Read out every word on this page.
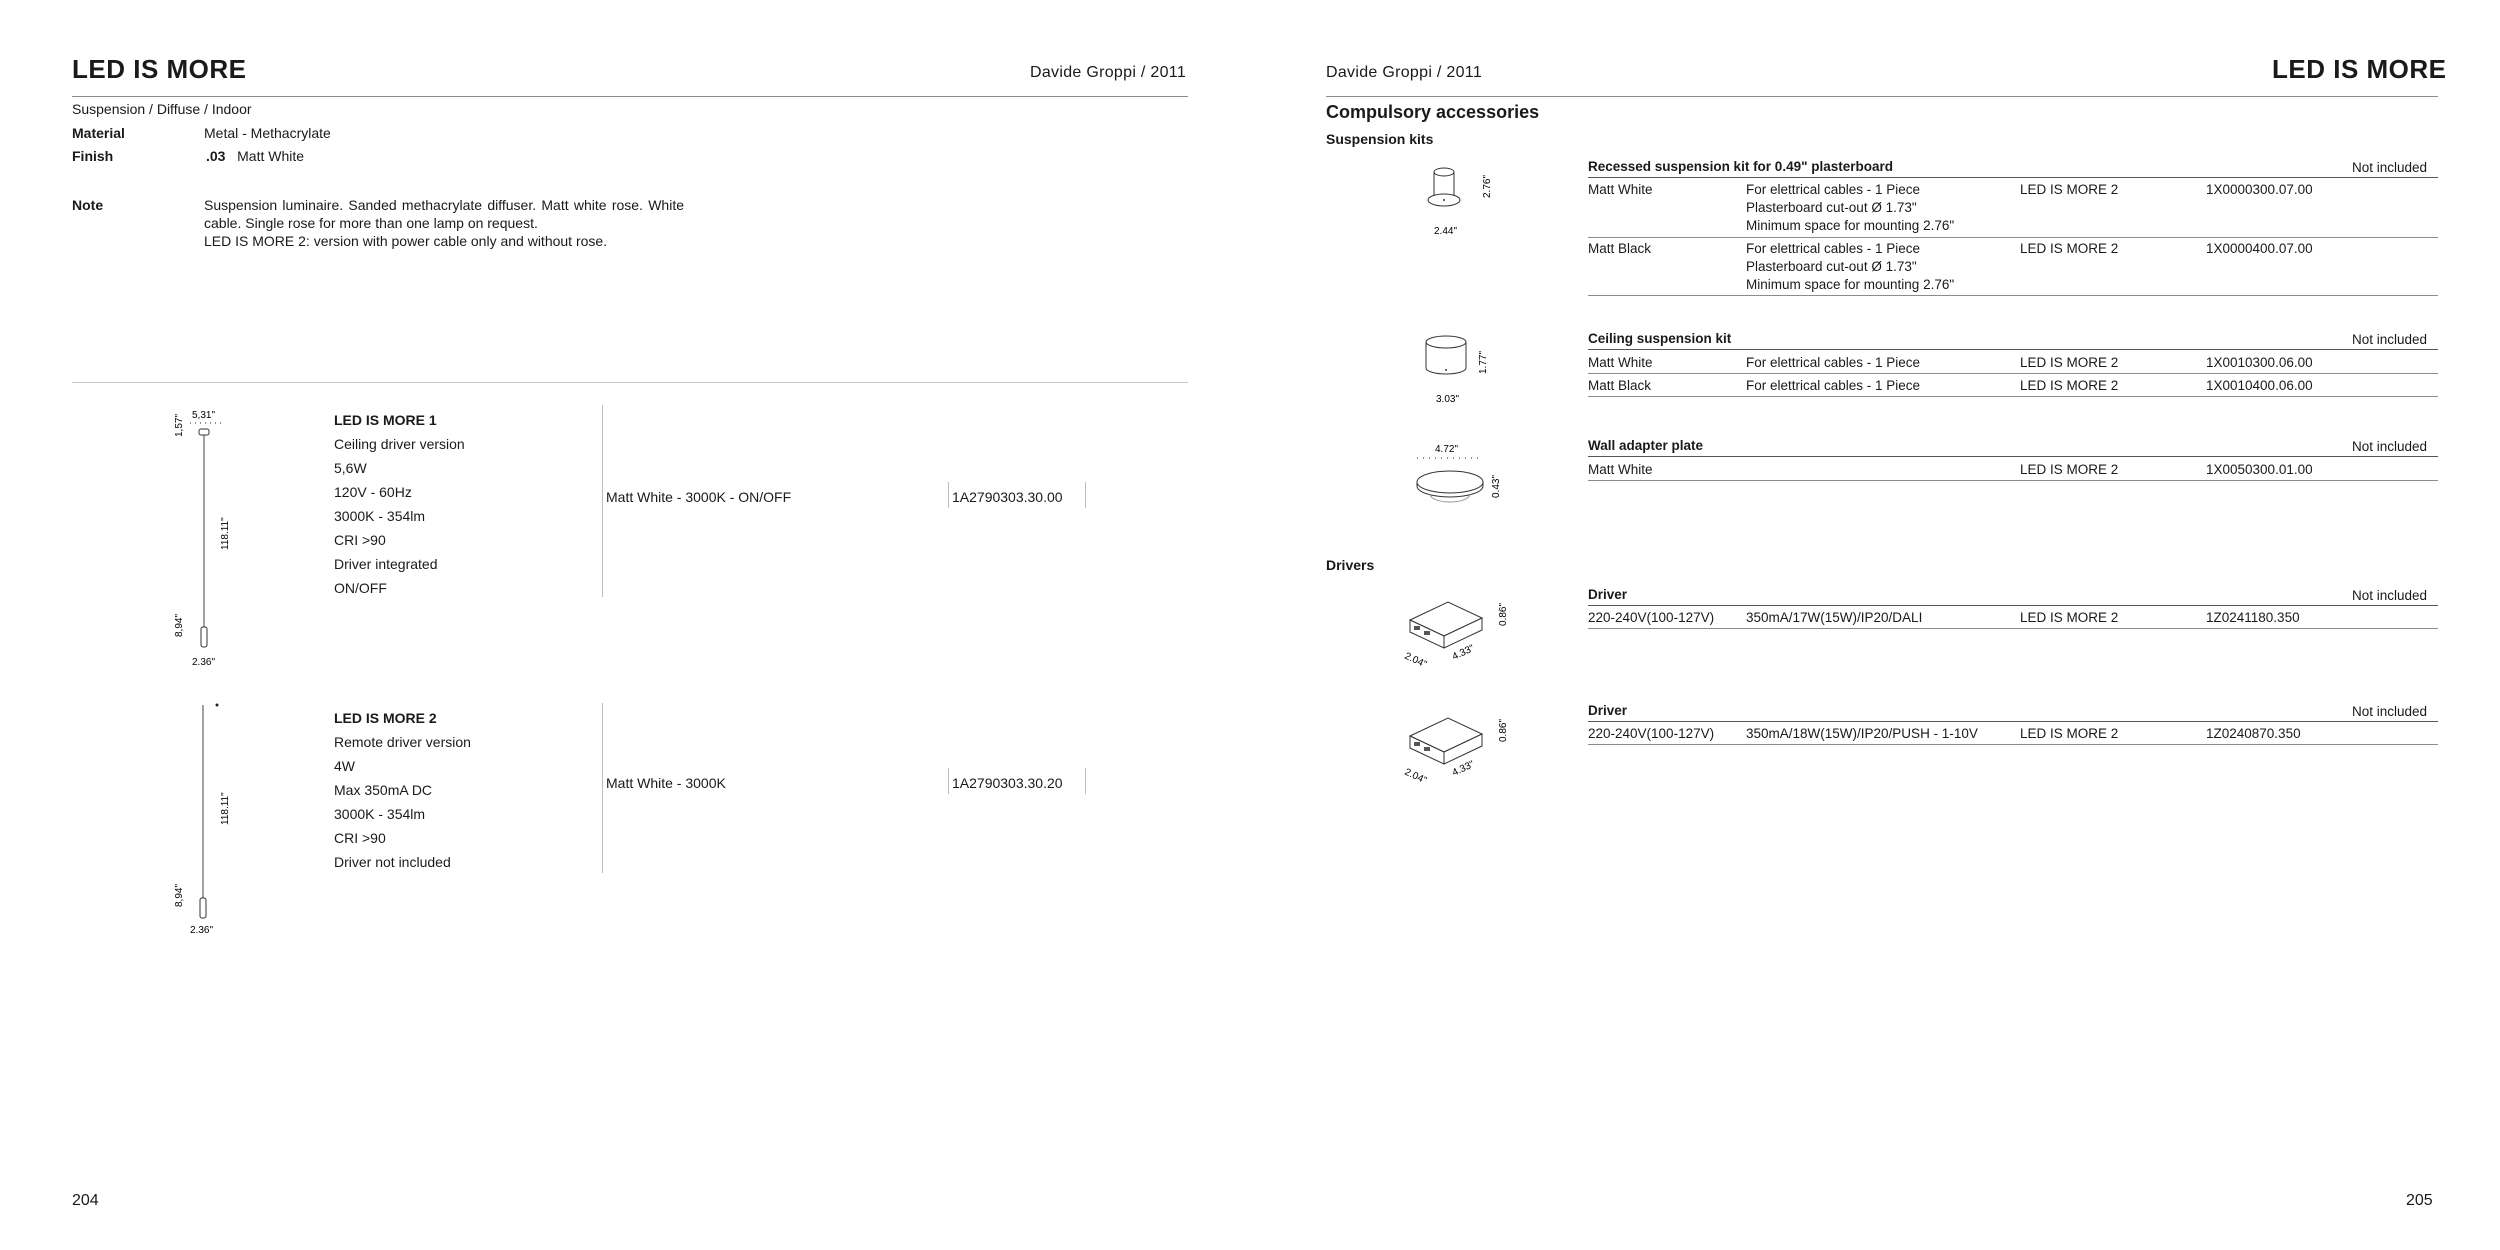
LED IS MORE	Davide Groppi / 2011
Suspension / Diffuse / Indoor
Material	Metal - Methacrylate
Finish	.03 Matt White
Note	Suspension luminaire. Sanded methacrylate diffuser. Matt white rose. White cable. Single rose for more than one lamp on request.
LED IS MORE 2: version with power cable only and without rose.
5,31"
1,57"
118.11"
8,94"
2.36"
LED IS MORE 1
Ceiling driver version
5,6W
120V - 60Hz
3000K - 354lm
CRI >90
Driver integrated
ON/OFF
Matt White - 3000K - ON/OFF	1A2790303.30.00
118.11"
8,94"
2.36"
LED IS MORE 2
Remote driver version
4W
Max 350mA DC
3000K - 354lm
CRI >90
Driver not included
Matt White - 3000K	1A2790303.30.20
204
Davide Groppi / 2011	LED IS MORE
Compulsory accessories
Suspension kits
2.76"
2.44"
Recessed suspension kit for 0.49" plasterboard	Not included
Matt White	For elettrical cables - 1 Piece
Plasterboard cut-out Ø 1.73"
Minimum space for mounting 2.76"
LED IS MORE 2	1X0000300.07.00
Matt Black	For elettrical cables - 1 Piece
Plasterboard cut-out Ø 1.73"
Minimum space for mounting 2.76"
LED IS MORE 2	1X0000400.07.00
1.77"
3.03"
Ceiling suspension kit	Not included
Matt White	For elettrical cables - 1 Piece	LED IS MORE 2	1X0010300.06.00
Matt Black	For elettrical cables - 1 Piece	LED IS MORE 2	1X0010400.06.00
4.72"
0.43"
Wall adapter plate	Not included
Matt White	LED IS MORE 2	1X0050300.01.00
Drivers
0.86"
2.04" 4.33"
Driver	Not included
220-240V(100-127V) 350mA/17W(15W)/IP20/DALI	LED IS MORE 2	1Z0241180.350
0.86"
2.04" 4.33"
Driver	Not included
220-240V(100-127V) 350mA/18W(15W)/IP20/PUSH - 1-10V	LED IS MORE 2	1Z0240870.350
205
